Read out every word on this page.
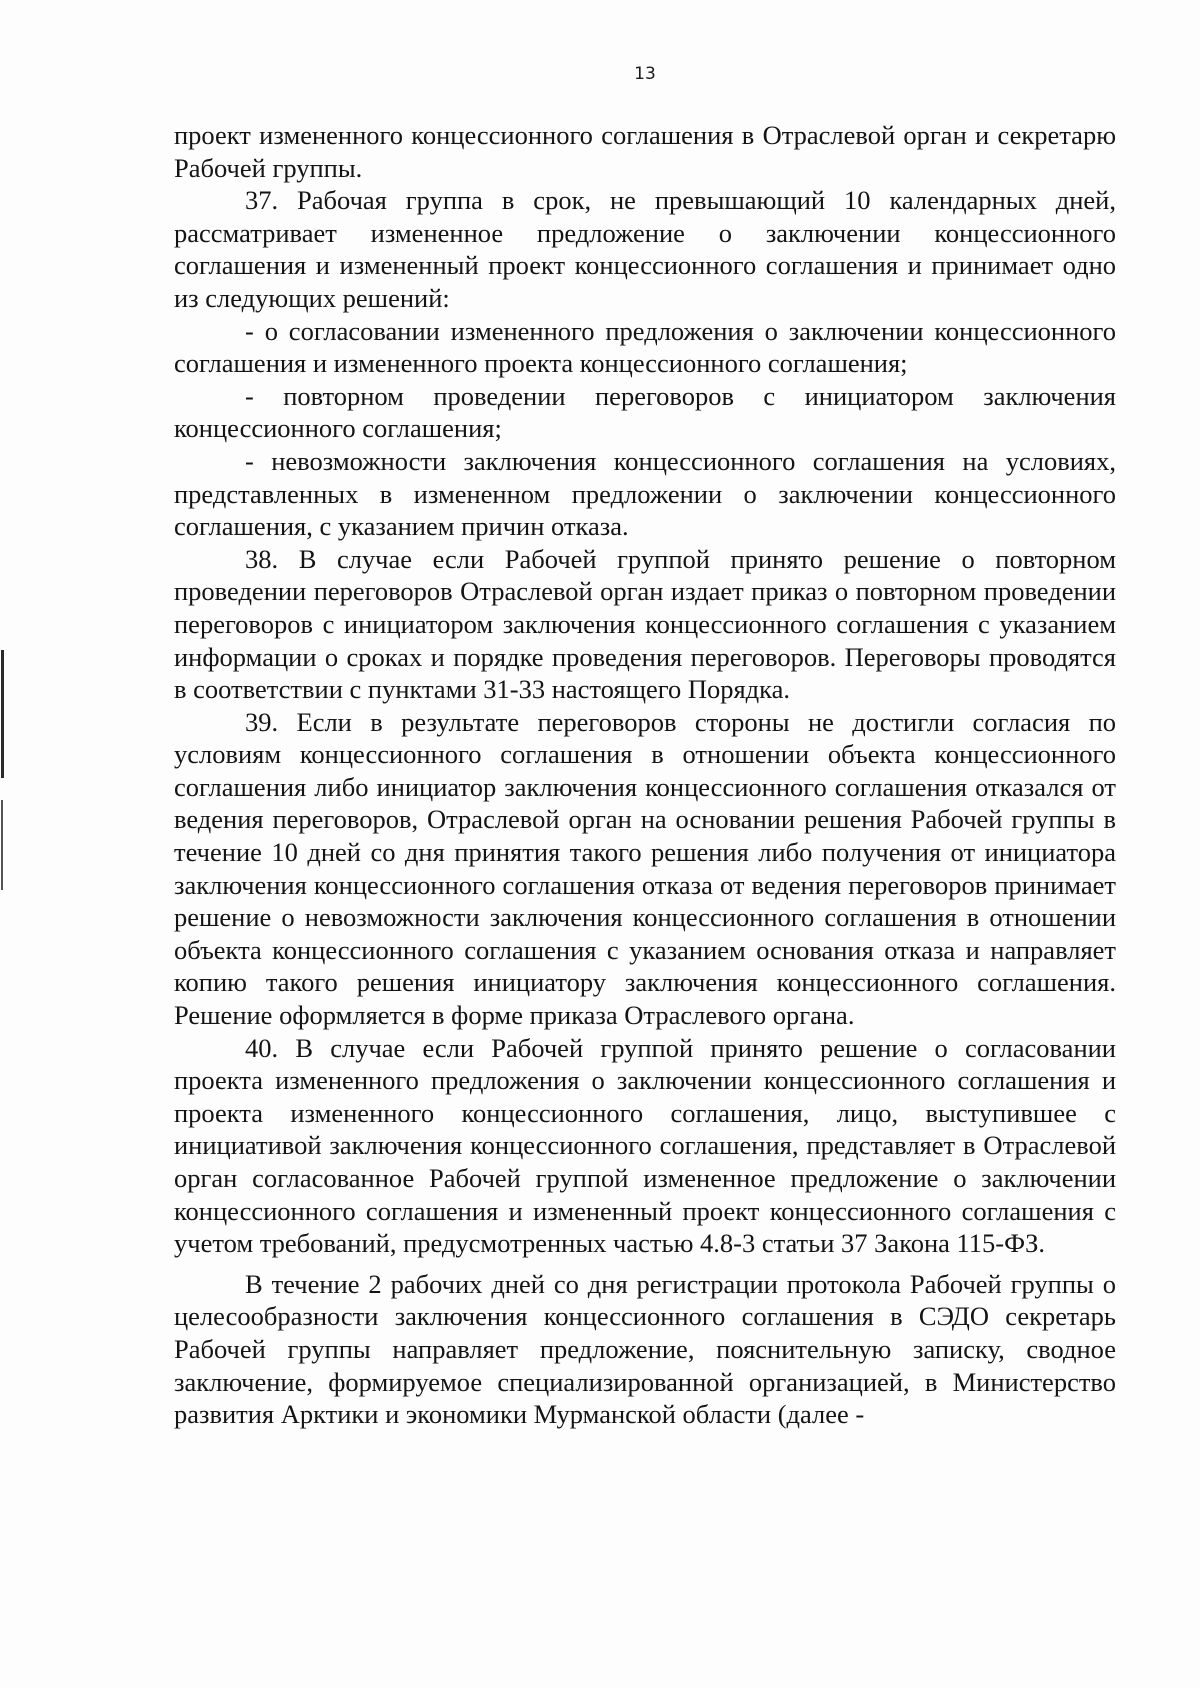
13

проект измененного концессионного соглашения в Отраслевой орган и секретарю Рабочей группы.

37. Рабочая группа в срок, не превышающий 10 календарных дней, рассматривает измененное предложение о заключении концессионного соглашения и измененный проект концессионного соглашения и принимает одно из следующих решений:

- о согласовании измененного предложения о заключении концессионного соглашения и измененного проекта концессионного соглашения;

- повторном проведении переговоров с инициатором заключения концессионного соглашения;

- невозможности заключения концессионного соглашения на условиях, представленных в измененном предложении о заключении концессионного соглашения, с указанием причин отказа.

38. В случае если Рабочей группой принято решение о повторном проведении переговоров Отраслевой орган издает приказ о повторном проведении переговоров с инициатором заключения концессионного соглашения с указанием информации о сроках и порядке проведения переговоров. Переговоры проводятся в соответствии с пунктами 31-33 настоящего Порядка.

39. Если в результате переговоров стороны не достигли согласия по условиям концессионного соглашения в отношении объекта концессионного соглашения либо инициатор заключения концессионного соглашения отказался от ведения переговоров, Отраслевой орган на основании решения Рабочей группы в течение 10 дней со дня принятия такого решения либо получения от инициатора заключения концессионного соглашения отказа от ведения переговоров принимает решение о невозможности заключения концессионного соглашения в отношении объекта концессионного соглашения с указанием основания отказа и направляет копию такого решения инициатору заключения концессионного соглашения. Решение оформляется в форме приказа Отраслевого органа.

40. В случае если Рабочей группой принято решение о согласовании проекта измененного предложения о заключении концессионного соглашения и проекта измененного концессионного соглашения, лицо, выступившее с инициативой заключения концессионного соглашения, представляет в Отраслевой орган согласованное Рабочей группой измененное предложение о заключении концессионного соглашения и измененный проект концессионного соглашения с учетом требований, предусмотренных частью 4.8-3 статьи 37 Закона 115-ФЗ.

В течение 2 рабочих дней со дня регистрации протокола Рабочей группы о целесообразности заключения концессионного соглашения в СЭДО секретарь Рабочей группы направляет предложение, пояснительную записку, сводное заключение, формируемое специализированной организацией, в Министерство развития Арктики и экономики Мурманской области (далее -
